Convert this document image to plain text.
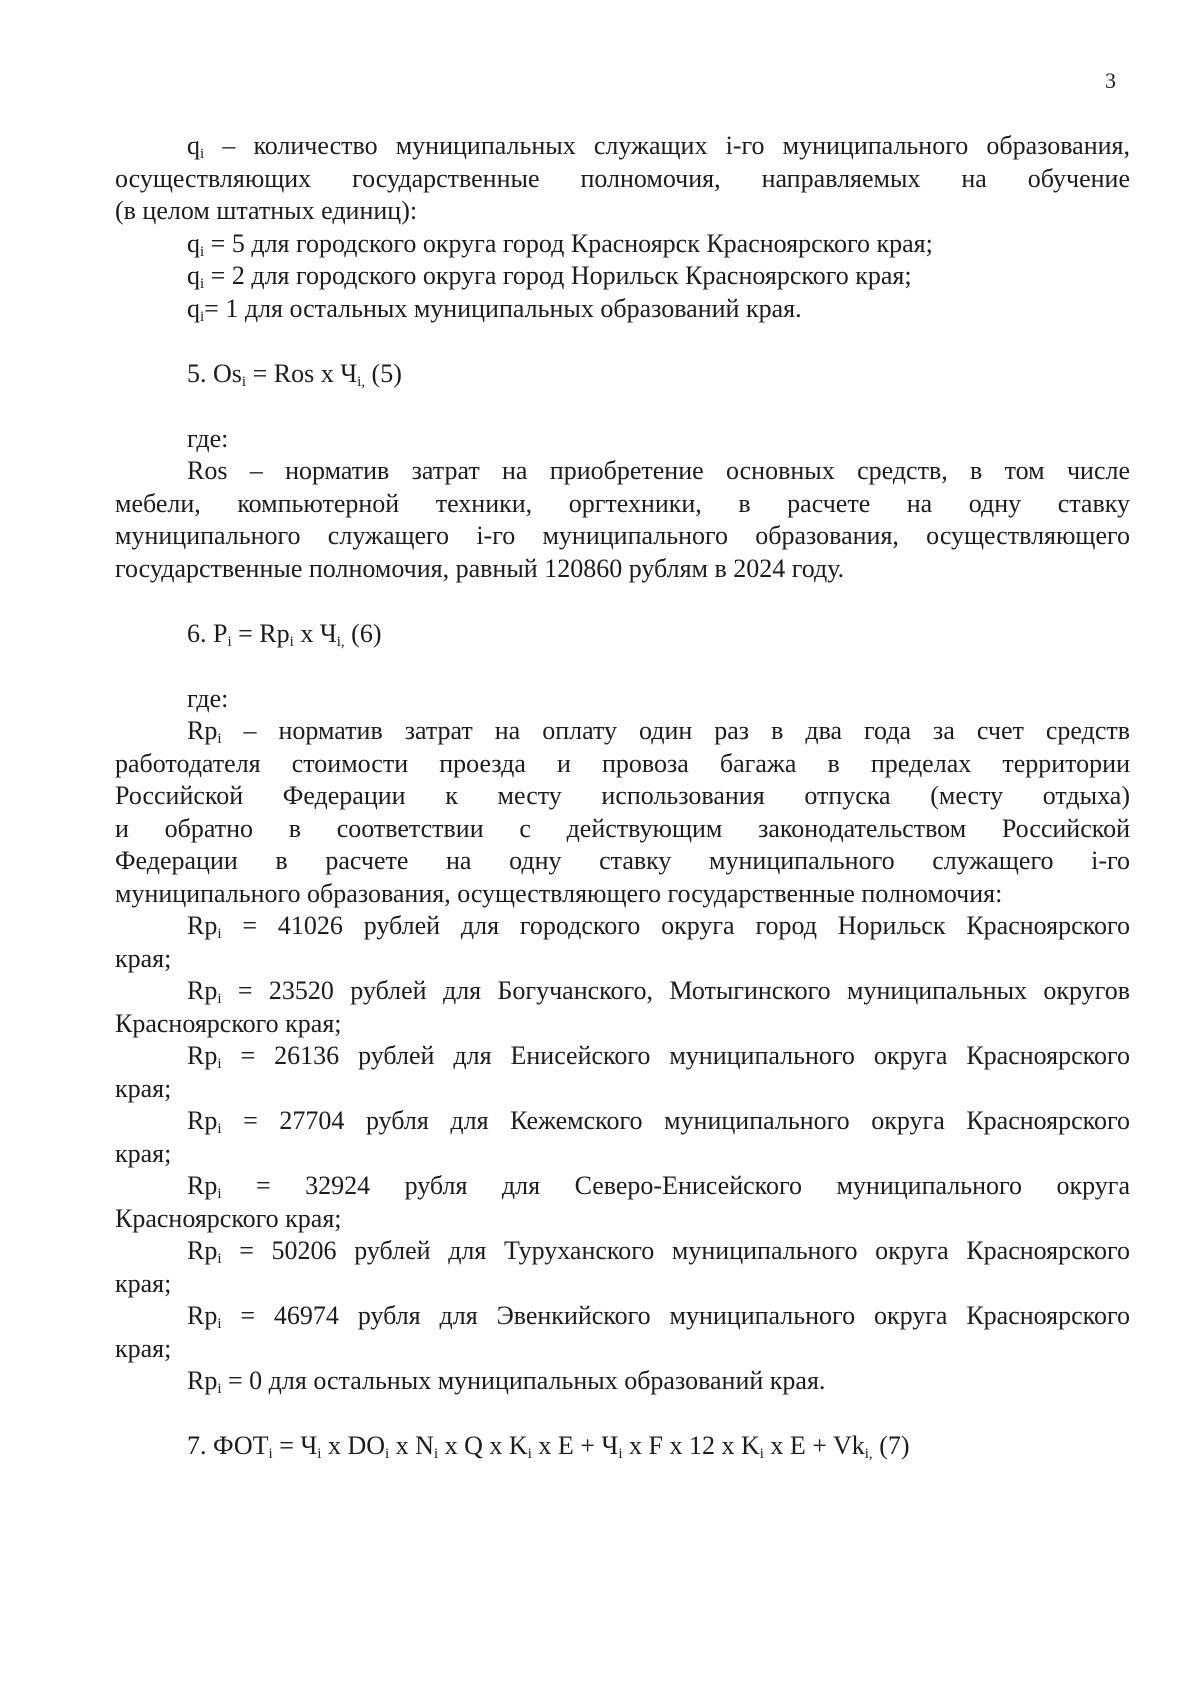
3

$q_i$ – количество муниципальных служащих i-го муниципального образования,

осуществляющих государственные полномочия, направляемых на обучение

(в целом штатных единиц):

$q_i = 5$ для городского округа город Красноярск Красноярского края;

$q_i = 2$ для городского округа город Норильск Красноярского края;

$q_i= 1$ для остальных муниципальных образований края.

5. $Os_i$ = Ros x $Ч_{i,}$ (5)

где:

Ros – норматив затрат на приобретение основных средств, в том числе

мебели, компьютерной техники, оргтехники, в расчете на одну ставку

муниципального служащего i-го муниципального образования, осуществляющего

государственные полномочия, равный 120860 рублям в 2024 году.

6. $P_i = Rp_i$ x $Ч_{i,}$ (6)

где:

$Rp_i$ – норматив затрат на оплату один раз в два года за счет средств

работодателя стоимости проезда и провоза багажа в пределах территории

Российской Федерации к месту использования отпуска (месту отдыха)

и обратно в соответствии с действующим законодательством Российской

Федерации в расчете на одну ставку муниципального служащего i-го

муниципального образования, осуществляющего государственные полномочия:

$Rp_i = 41026$ рублей для городского округа город Норильск Красноярского

края;

$Rp_i = 23520$ рублей для Богучанского, Мотыгинского муниципальных округов

Красноярского края;

$Rp_i = 26136$ рублей для Енисейского муниципального округа Красноярского

края;

$Rp_i = 27704$ рубля для Кежемского муниципального округа Красноярского

края;

$Rp_i = 32924$ рубля для Северо-Енисейского муниципального округа

Красноярского края;

$Rp_i = 50206$ рублей для Туруханского муниципального округа Красноярского

края;

$Rp_i = 46974$ рубля для Эвенкийского муниципального округа Красноярского

края;

$Rp_i = 0$ для остальных муниципальных образований края.

7. $ФОТ_i = Ч_i$ x $DO_i$ x $N_i$ x Q x $K_i$ x $E + Ч_i$ x F x 12 x $K_i$ x $E + Vk_{i,}$ (7)
